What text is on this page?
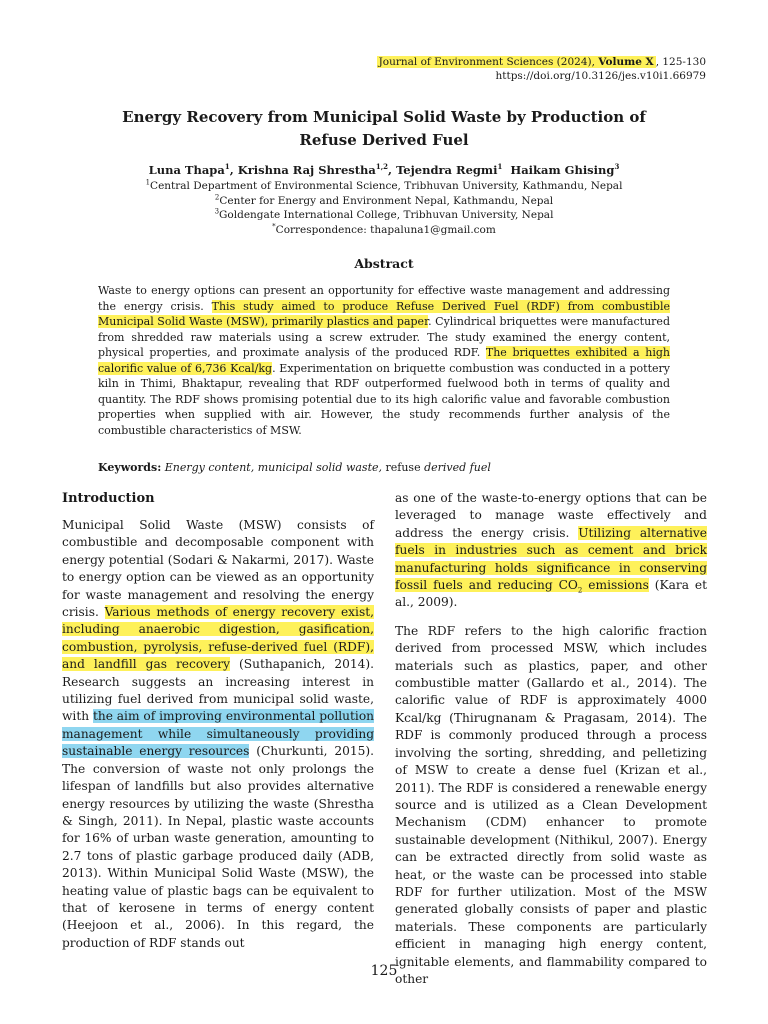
Journal of Environment Sciences (2024), Volume X , 125-130
https://doi.org/10.3126/jes.v10i1.66979
Energy Recovery from Municipal Solid Waste by Production of
Refuse Derived Fuel
Luna Thapa$^1$, Krishna Raj Shrestha$^{1,2}$, Tejendra Regmi$^1$ Haikam Ghising$^3$
$^1$Central Department of Environmental Science, Tribhuvan University, Kathmandu, Nepal
$^2$Center for Energy and Environment Nepal, Kathmandu, Nepal
$^3$Goldengate International College, Tribhuvan University, Nepal
*Correspondence: thapaluna1@gmail.com
Abstract
Waste to energy options can present an opportunity for effective waste management and addressing the energy crisis. This study aimed to produce Refuse Derived Fuel (RDF) from combustible Municipal Solid Waste (MSW), primarily plastics and paper. Cylindrical briquettes were manufactured from shredded raw materials using a screw extruder. The study examined the energy content, physical properties, and proximate analysis of the produced RDF. The briquettes exhibited a high calorific value of 6,736 Kcal/kg. Experimentation on briquette combustion was conducted in a pottery kiln in Thimi, Bhaktapur, revealing that RDF outperformed fuelwood both in terms of quality and quantity. The RDF shows promising potential due to its high calorific value and favorable combustion properties when supplied with air. However, the study recommends further analysis of the combustible characteristics of MSW.
Keywords: Energy content, municipal solid waste, refuse derived fuel
Introduction

Municipal Solid Waste (MSW) consists of combustible and decomposable component with energy potential (Sodari & Nakarmi, 2017). Waste to energy option can be viewed as an opportunity for waste management and resolving the energy crisis. Various methods of energy recovery exist, including anaerobic digestion, gasification, combustion, pyrolysis, refuse-derived fuel (RDF), and landfill gas recovery (Suthapanich, 2014). Research suggests an increasing interest in utilizing fuel derived from municipal solid waste, with the aim of improving environmental pollution management while simultaneously providing sustainable energy resources (Churkunti, 2015). The conversion of waste not only prolongs the lifespan of landfills but also provides alternative energy resources by utilizing the waste (Shrestha & Singh, 2011). In Nepal, plastic waste accounts for 16% of urban waste generation, amounting to 2.7 tons of plastic garbage produced daily (ADB, 2013). Within Municipal Solid Waste (MSW), the heating value of plastic bags can be equivalent to that of kerosene in terms of energy content (Heejoon et al., 2006). In this regard, the production of RDF stands out

as one of the waste-to-energy options that can be leveraged to manage waste effectively and address the energy crisis. Utilizing alternative fuels in industries such as cement and brick manufacturing holds significance in conserving fossil fuels and reducing $CO_2$ emissions (Kara et al., 2009).

The RDF refers to the high calorific fraction derived from processed MSW, which includes materials such as plastics, paper, and other combustible matter (Gallardo et al., 2014). The calorific value of RDF is approximately 4000 Kcal/kg (Thirugnanam & Pragasam, 2014). The RDF is commonly produced through a process involving the sorting, shredding, and pelletizing of MSW to create a dense fuel (Krizan et al., 2011). The RDF is considered a renewable energy source and is utilized as a Clean Development Mechanism (CDM) enhancer to promote sustainable development (Nithikul, 2007). Energy can be extracted directly from solid waste as heat, or the waste can be processed into stable RDF for further utilization. Most of the MSW generated globally consists of paper and plastic materials. These components are particularly efficient in managing high energy content, ignitable elements, and flammability compared to other

125
